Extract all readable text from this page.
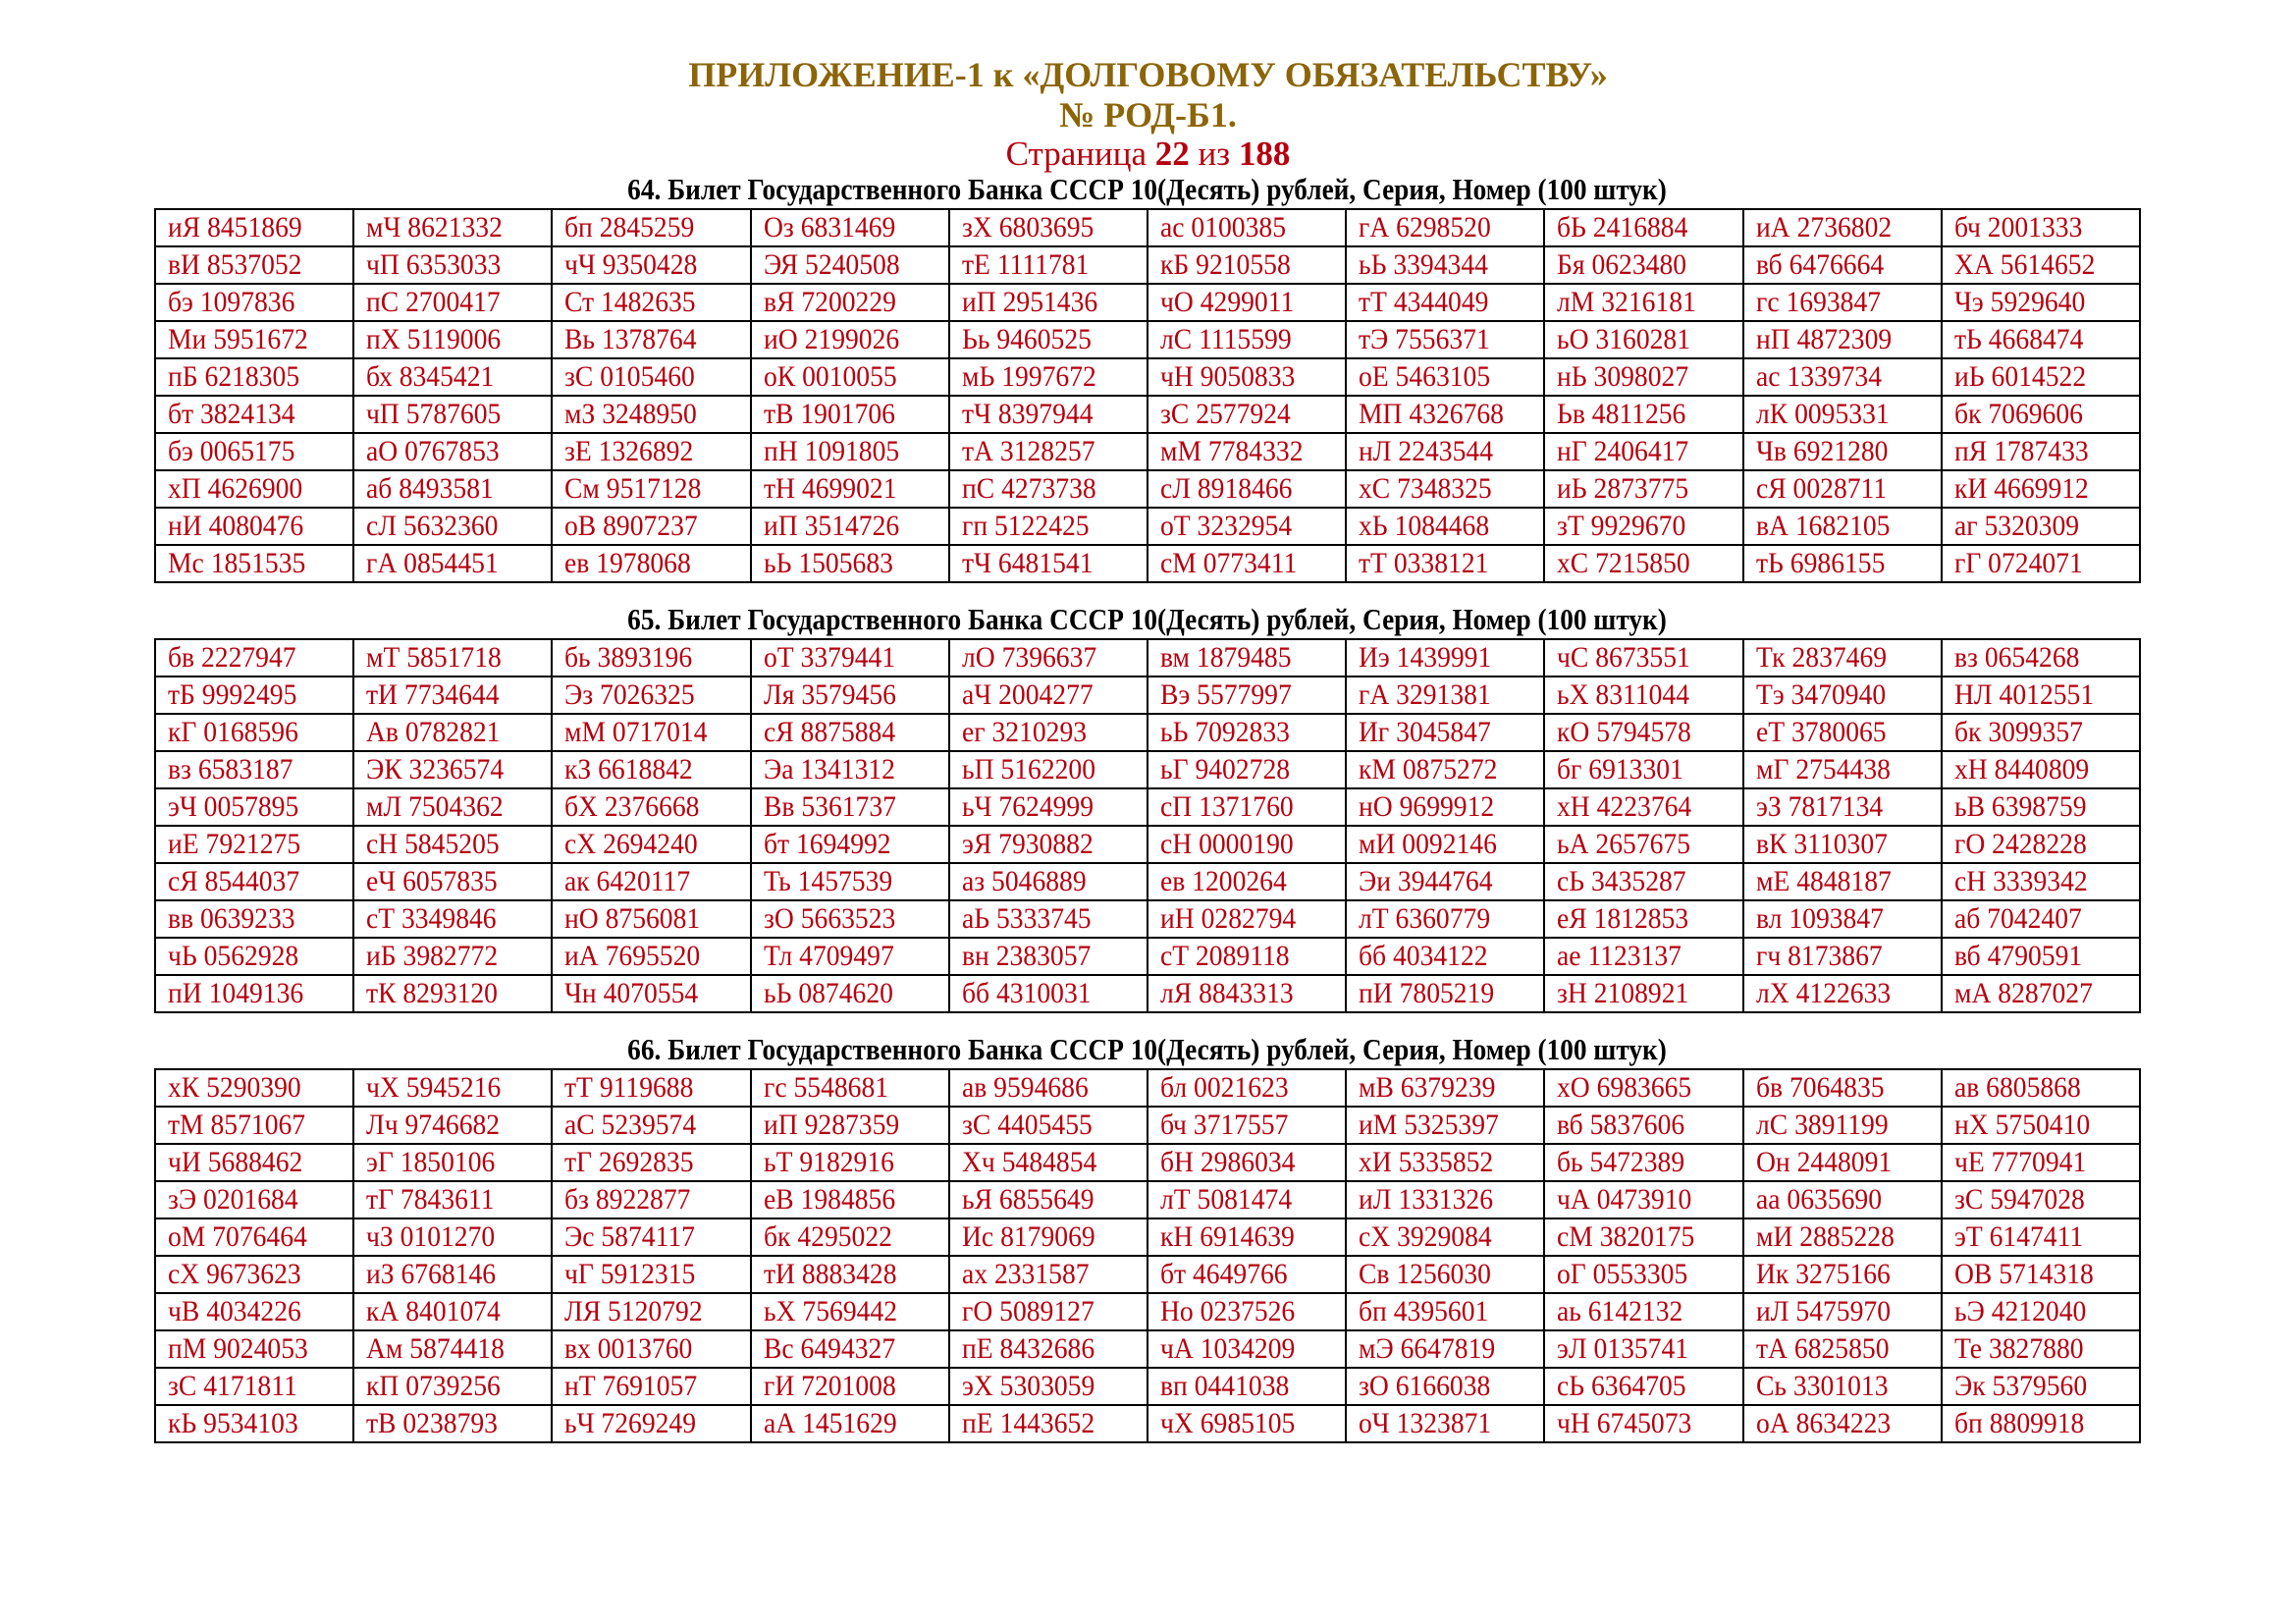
ПРИЛОЖЕНИЕ-1 к «ДОЛГОВОМУ ОБЯЗАТЕЛЬСТВУ»
№ РОД-Б1.
Страница 22 из 188
64. Билет Государственного Банка СССР 10(Десять) рублей, Серия, Номер (100 штук)
иЯ 8451869	мЧ 8621332	бп 2845259	Оз 6831469	зХ 6803695	ас 0100385	гА 6298520	бЬ 2416884	иА 2736802	бч 2001333
вИ 8537052	чП 6353033	чЧ 9350428	ЭЯ 5240508	тЕ 1111781	кБ 9210558	ьЬ 3394344	Бя 0623480	вб 6476664	ХА 5614652
бэ 1097836	пС 2700417	Ст 1482635	вЯ 7200229	иП 2951436	чО 4299011	тТ 4344049	лМ 3216181	гс 1693847	Чэ 5929640
Ми 5951672	пХ 5119006	Вь 1378764	иО 2199026	Ьь 9460525	лС 1115599	тЭ 7556371	ьО 3160281	нП 4872309	тЬ 4668474
пБ 6218305	бх 8345421	зС 0105460	оК 0010055	мЬ 1997672	чН 9050833	оЕ 5463105	нЬ 3098027	ас 1339734	иЬ 6014522
бт 3824134	чП 5787605	мЗ 3248950	тВ 1901706	тЧ 8397944	зС 2577924	МП 4326768	Ьв 4811256	лК 0095331	бк 7069606
бэ 0065175	аО 0767853	зЕ 1326892	пН 1091805	тА 3128257	мМ 7784332	нЛ 2243544	нГ 2406417	Чв 6921280	пЯ 1787433
хП 4626900	аб 8493581	См 9517128	тН 4699021	пС 4273738	сЛ 8918466	хС 7348325	иЬ 2873775	сЯ 0028711	кИ 4669912
нИ 4080476	сЛ 5632360	оВ 8907237	иП 3514726	гп 5122425	оТ 3232954	хЬ 1084468	зТ 9929670	вА 1682105	аг 5320309
Мс 1851535	гА 0854451	ев 1978068	ьЬ 1505683	тЧ 6481541	сМ 0773411	тТ 0338121	хС 7215850	тЬ 6986155	гГ 0724071
65. Билет Государственного Банка СССР 10(Десять) рублей, Серия, Номер (100 штук)
бв 2227947	мТ 5851718	бь 3893196	оТ 3379441	лО 7396637	вм 1879485	Иэ 1439991	чС 8673551	Тк 2837469	вз 0654268
тБ 9992495	тИ 7734644	Эз 7026325	Ля 3579456	аЧ 2004277	Вэ 5577997	гА 3291381	ьХ 8311044	Тэ 3470940	НЛ 4012551
кГ 0168596	Ав 0782821	мМ 0717014	сЯ 8875884	ег 3210293	ьЬ 7092833	Иг 3045847	кО 5794578	еТ 3780065	бк 3099357
вз 6583187	ЭК 3236574	кЗ 6618842	Эа 1341312	ьП 5162200	ьГ 9402728	кМ 0875272	бг 6913301	мГ 2754438	хН 8440809
эЧ 0057895	мЛ 7504362	бХ 2376668	Вв 5361737	ьЧ 7624999	сП 1371760	нО 9699912	хН 4223764	эЗ 7817134	ьВ 6398759
иЕ 7921275	сН 5845205	сХ 2694240	бт 1694992	эЯ 7930882	сН 0000190	мИ 0092146	ьА 2657675	вК 3110307	гО 2428228
сЯ 8544037	еЧ 6057835	ак 6420117	Ть 1457539	аз 5046889	ев 1200264	Эи 3944764	сЬ 3435287	мЕ 4848187	сН 3339342
вв 0639233	сТ 3349846	нО 8756081	зО 5663523	аЬ 5333745	иН 0282794	лТ 6360779	еЯ 1812853	вл 1093847	аб 7042407
чЬ 0562928	иБ 3982772	иА 7695520	Тл 4709497	вн 2383057	сТ 2089118	бб 4034122	ае 1123137	гч 8173867	вб 4790591
пИ 1049136	тК 8293120	Чн 4070554	ьЬ 0874620	бб 4310031	лЯ 8843313	пИ 7805219	зН 2108921	лХ 4122633	мА 8287027
66. Билет Государственного Банка СССР 10(Десять) рублей, Серия, Номер (100 штук)
хК 5290390	чХ 5945216	тТ 9119688	гс 5548681	ав 9594686	бл 0021623	мВ 6379239	хО 6983665	бв 7064835	ав 6805868
тМ 8571067	Лч 9746682	аС 5239574	иП 9287359	зС 4405455	бч 3717557	иМ 5325397	вб 5837606	лС 3891199	нХ 5750410
чИ 5688462	эГ 1850106	тГ 2692835	ьТ 9182916	Хч 5484854	бН 2986034	хИ 5335852	бь 5472389	Он 2448091	чЕ 7770941
зЭ 0201684	тГ 7843611	бз 8922877	еВ 1984856	ьЯ 6855649	лТ 5081474	иЛ 1331326	чА 0473910	аа 0635690	зС 5947028
оМ 7076464	чЗ 0101270	Эс 5874117	бк 4295022	Ис 8179069	кН 6914639	сХ 3929084	сМ 3820175	мИ 2885228	эТ 6147411
сХ 9673623	иЗ 6768146	чГ 5912315	тИ 8883428	ах 2331587	бт 4649766	Св 1256030	оГ 0553305	Ик 3275166	ОВ 5714318
чВ 4034226	кА 8401074	ЛЯ 5120792	ьХ 7569442	гО 5089127	Но 0237526	бп 4395601	аь 6142132	иЛ 5475970	ьЭ 4212040
пМ 9024053	Ам 5874418	вх 0013760	Вс 6494327	пЕ 8432686	чА 1034209	мЭ 6647819	эЛ 0135741	тА 6825850	Те 3827880
зС 4171811	кП 0739256	нТ 7691057	гИ 7201008	эХ 5303059	вп 0441038	зО 6166038	сЬ 6364705	Сь 3301013	Эк 5379560
кЬ 9534103	тВ 0238793	ьЧ 7269249	аА 1451629	пЕ 1443652	чХ 6985105	оЧ 1323871	чН 6745073	оА 8634223	бп 8809918
